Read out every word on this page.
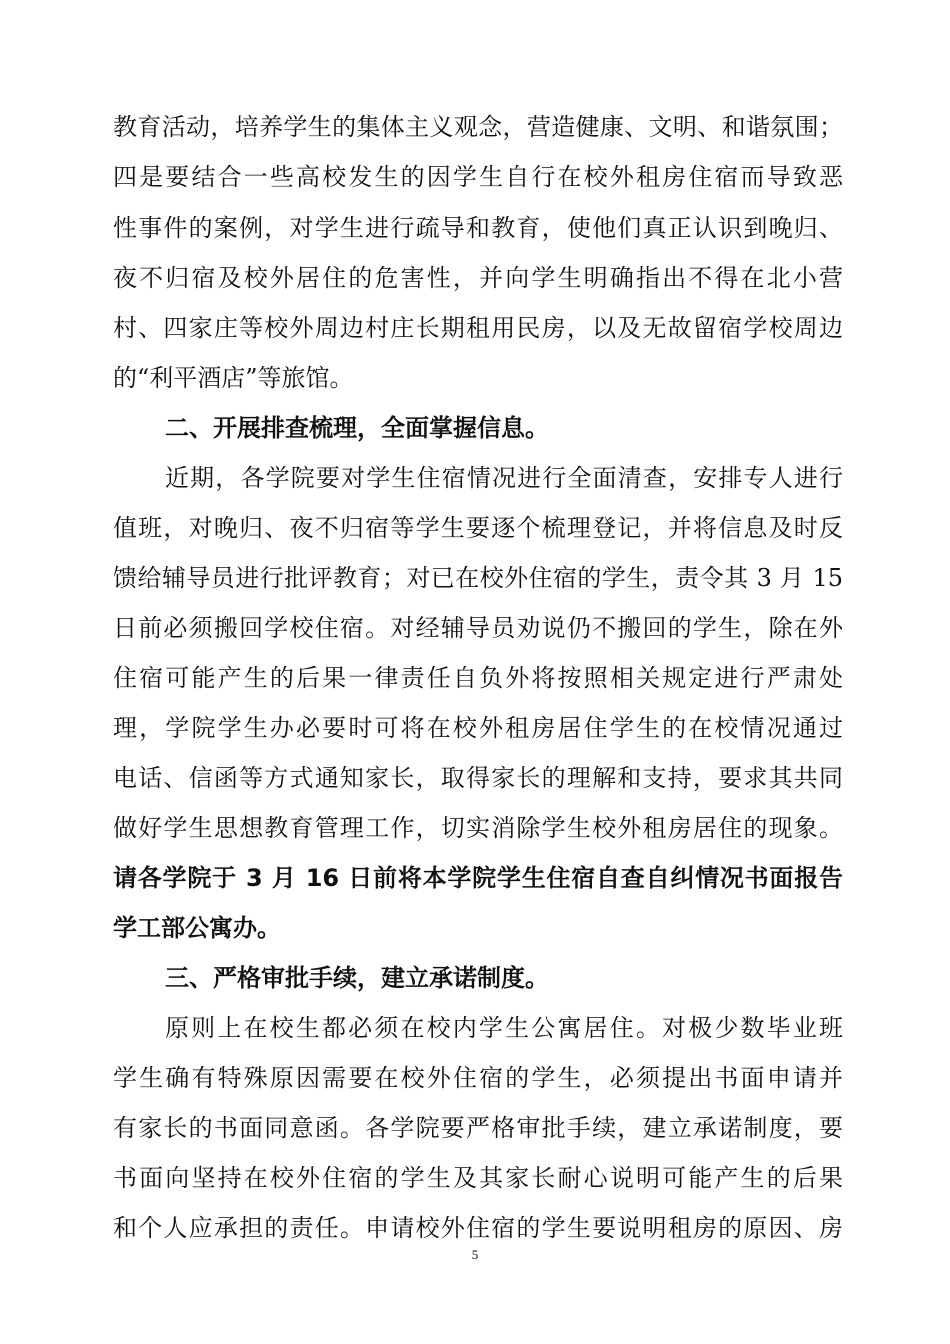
教育活动，培养学生的集体主义观念，营造健康、文明、和谐氛围；
四是要结合一些高校发生的因学生自行在校外租房住宿而导致恶
性事件的案例，对学生进行疏导和教育，使他们真正认识到晚归、
夜不归宿及校外居住的危害性，并向学生明确指出不得在北小营
村、四家庄等校外周边村庄长期租用民房，以及无故留宿学校周边
的“利平酒店”等旅馆。
二、开展排查梳理，全面掌握信息。
近期，各学院要对学生住宿情况进行全面清查，安排专人进行
值班，对晚归、夜不归宿等学生要逐个梳理登记，并将信息及时反
馈给辅导员进行批评教育；对已在校外住宿的学生，责令其 3 月 15
日前必须搬回学校住宿。对经辅导员劝说仍不搬回的学生，除在外
住宿可能产生的后果一律责任自负外将按照相关规定进行严肃处
理，学院学生办必要时可将在校外租房居住学生的在校情况通过
电话、信函等方式通知家长，取得家长的理解和支持，要求其共同
做好学生思想教育管理工作，切实消除学生校外租房居住的现象。
请各学院于 3 月 16 日前将本学院学生住宿自查自纠情况书面报告
学工部公寓办。
三、严格审批手续，建立承诺制度。
原则上在校生都必须在校内学生公寓居住。对极少数毕业班
学生确有特殊原因需要在校外住宿的学生，必须提出书面申请并
有家长的书面同意函。各学院要严格审批手续，建立承诺制度，要
书面向坚持在校外住宿的学生及其家长耐心说明可能产生的后果
和个人应承担的责任。申请校外住宿的学生要说明租房的原因、房
5
